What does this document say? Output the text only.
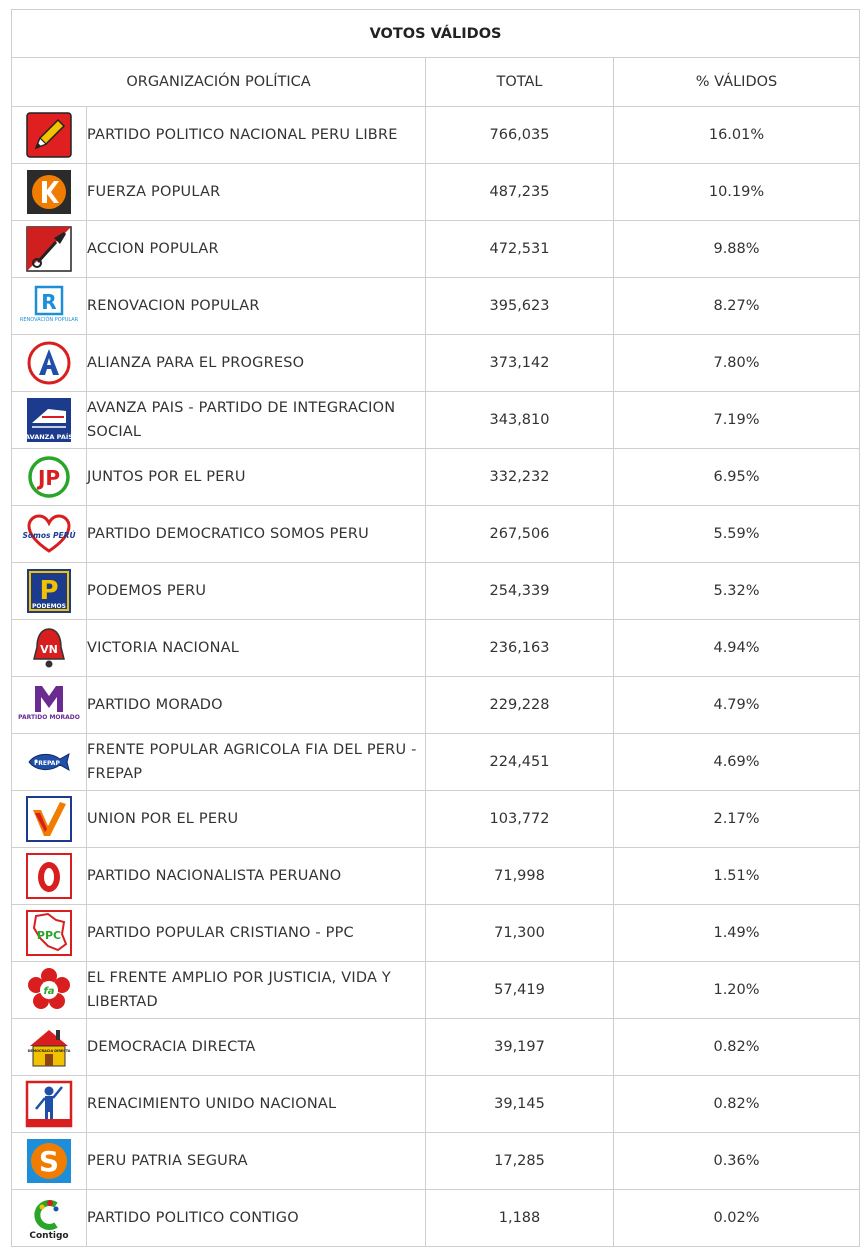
VOTOS VÁLIDOS			
ORGANIZACIÓN POLÍTICA		TOTAL	% VÁLIDOS
	PARTIDO POLITICO NACIONAL PERU LIBRE	766,035	16.01%
	FUERZA POPULAR	487,235	10.19%
	ACCION POPULAR	472,531	9.88%

R
RENOVACIÓN POPULAR	RENOVACION POPULAR	395,623	8.27%
	ALIANZA PARA EL PROGRESO	373,142	7.80%

AVANZA PAÍS	AVANZA PAIS - PARTIDO DE INTEGRACION SOCIAL	343,810	7.19%

JP	JUNTOS POR EL PERU	332,232	6.95%

Somos PERÚ	PARTIDO DEMOCRATICO SOMOS PERU	267,506	5.59%

P
PODEMOS	PODEMOS PERU	254,339	5.32%

VN	VICTORIA NACIONAL	236,163	4.94%

PARTIDO MORADO	PARTIDO MORADO	229,228	4.79%

FREPAP	FRENTE POPULAR AGRICOLA FIA DEL PERU - FREPAP	224,451	4.69%
	UNION POR EL PERU	103,772	2.17%
	PARTIDO NACIONALISTA PERUANO	71,998	1.51%

PPC	PARTIDO POPULAR CRISTIANO - PPC	71,300	1.49%

fa	EL FRENTE AMPLIO POR JUSTICIA, VIDA Y LIBERTAD	57,419	1.20%

DEMOCRACIA DIRECTA	DEMOCRACIA DIRECTA	39,197	0.82%
	RENACIMIENTO UNIDO NACIONAL	39,145	0.82%

S	PERU PATRIA SEGURA	17,285	0.36%

Contigo	PARTIDO POLITICO CONTIGO	1,188	0.02%
